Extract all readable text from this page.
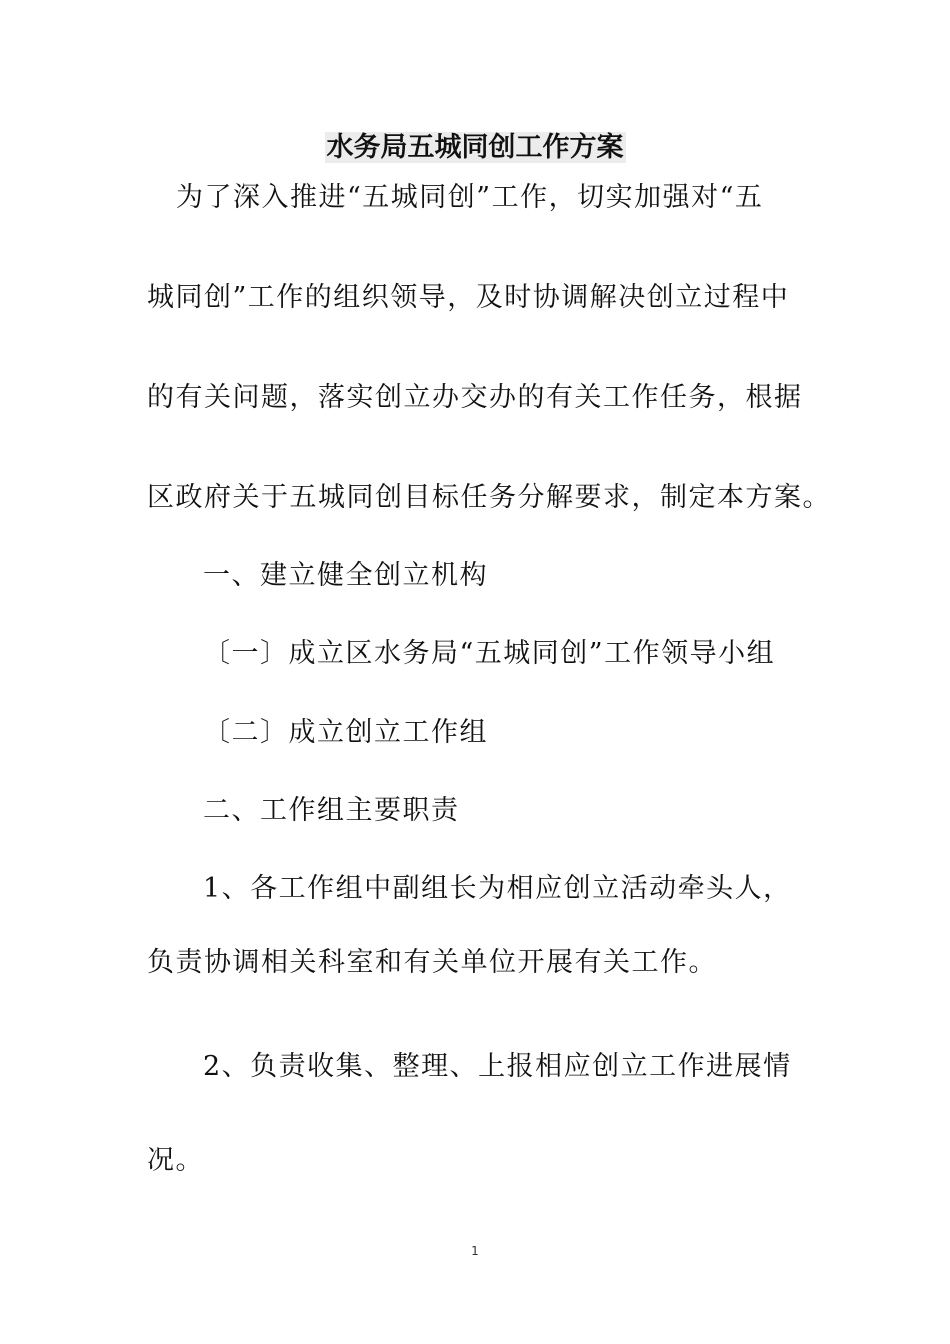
水务局五城同创工作方案
为了深入推进“五城同创”工作，切实加强对“五
城同创”工作的组织领导，及时协调解决创立过程中
的有关问题，落实创立办交办的有关工作任务，根据
区政府关于五城同创目标任务分解要求，制定本方案。
一、建立健全创立机构
〔一〕成立区水务局“五城同创”工作领导小组
〔二〕成立创立工作组
二、工作组主要职责
1、各工作组中副组长为相应创立活动牵头人，
负责协调相关科室和有关单位开展有关工作。
2、负责收集、整理、上报相应创立工作进展情
况。
1
